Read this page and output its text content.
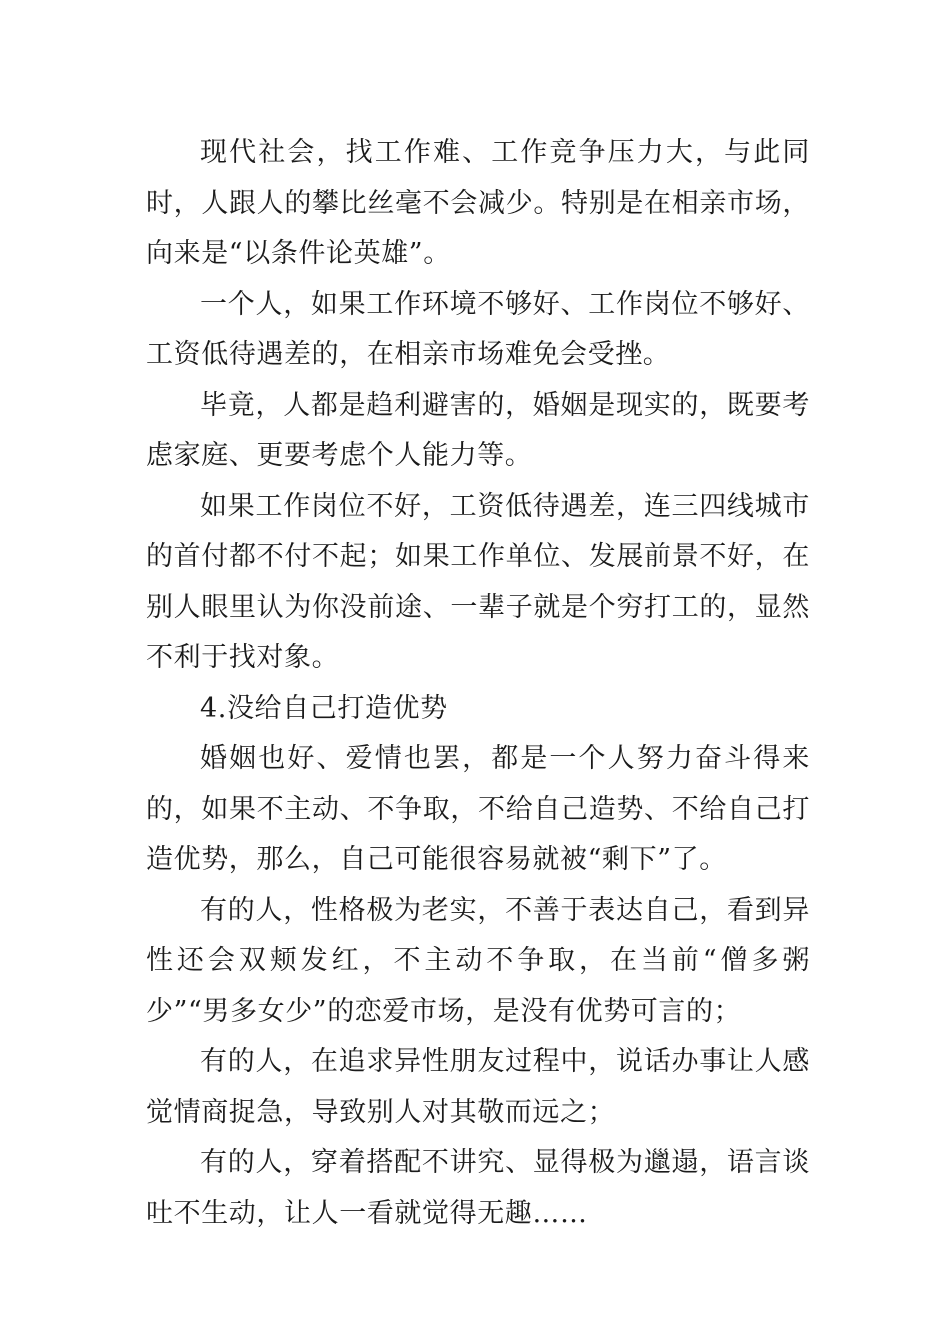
现代社会，找工作难、工作竞争压力大，与此同时，人跟人的攀比丝毫不会减少。特别是在相亲市场，向来是“以条件论英雄”。

一个人，如果工作环境不够好、工作岗位不够好、工资低待遇差的，在相亲市场难免会受挫。

毕竟，人都是趋利避害的，婚姻是现实的，既要考虑家庭、更要考虑个人能力等。

如果工作岗位不好，工资低待遇差，连三四线城市的首付都不付不起；如果工作单位、发展前景不好，在别人眼里认为你没前途、一辈子就是个穷打工的，显然不利于找对象。

4.没给自己打造优势

婚姻也好、爱情也罢，都是一个人努力奋斗得来的，如果不主动、不争取，不给自己造势、不给自己打造优势，那么，自己可能很容易就被“剩下”了。

有的人，性格极为老实，不善于表达自己，看到异性还会双颊发红，不主动不争取，在当前“僧多粥少”“男多女少”的恋爱市场，是没有优势可言的；

有的人，在追求异性朋友过程中，说话办事让人感觉情商捉急，导致别人对其敬而远之；

有的人，穿着搭配不讲究、显得极为邋遢，语言谈吐不生动，让人一看就觉得无趣……
